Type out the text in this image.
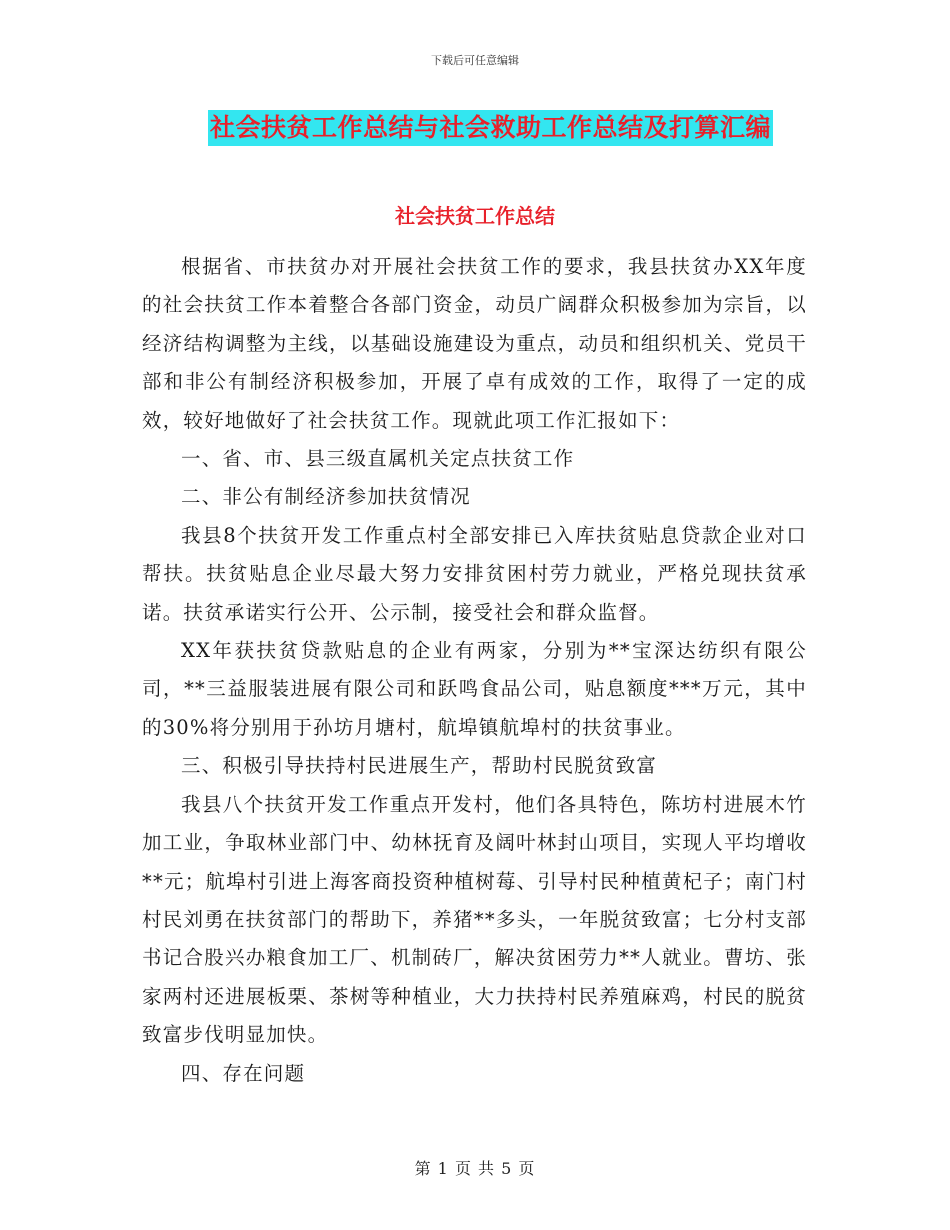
下载后可任意编辑
社会扶贫工作总结与社会救助工作总结及打算汇编
社会扶贫工作总结

根据省、市扶贫办对开展社会扶贫工作的要求，我县扶贫办XX年度的社会扶贫工作本着整合各部门资金，动员广阔群众积极参加为宗旨，以经济结构调整为主线，以基础设施建设为重点，动员和组织机关、党员干部和非公有制经济积极参加，开展了卓有成效的工作，取得了一定的成效，较好地做好了社会扶贫工作。现就此项工作汇报如下：

一、省、市、县三级直属机关定点扶贫工作

二、非公有制经济参加扶贫情况

我县8个扶贫开发工作重点村全部安排已入库扶贫贴息贷款企业对口帮扶。扶贫贴息企业尽最大努力安排贫困村劳力就业，严格兑现扶贫承诺。扶贫承诺实行公开、公示制，接受社会和群众监督。

XX年获扶贫贷款贴息的企业有两家，分别为**宝深达纺织有限公司，**三益服装进展有限公司和跃鸣食品公司，贴息额度***万元，其中的30%将分别用于孙坊月塘村，航埠镇航埠村的扶贫事业。

三、积极引导扶持村民进展生产，帮助村民脱贫致富

我县八个扶贫开发工作重点开发村，他们各具特色，陈坊村进展木竹加工业，争取林业部门中、幼林抚育及阔叶林封山项目，实现人平均增收**元；航埠村引进上海客商投资种植树莓、引导村民种植黄杞子；南门村村民刘勇在扶贫部门的帮助下，养猪**多头，一年脱贫致富；七分村支部书记合股兴办粮食加工厂、机制砖厂，解决贫困劳力**人就业。曹坊、张家两村还进展板栗、茶树等种植业，大力扶持村民养殖麻鸡，村民的脱贫致富步伐明显加快。

四、存在问题

第 1 页 共 5 页
